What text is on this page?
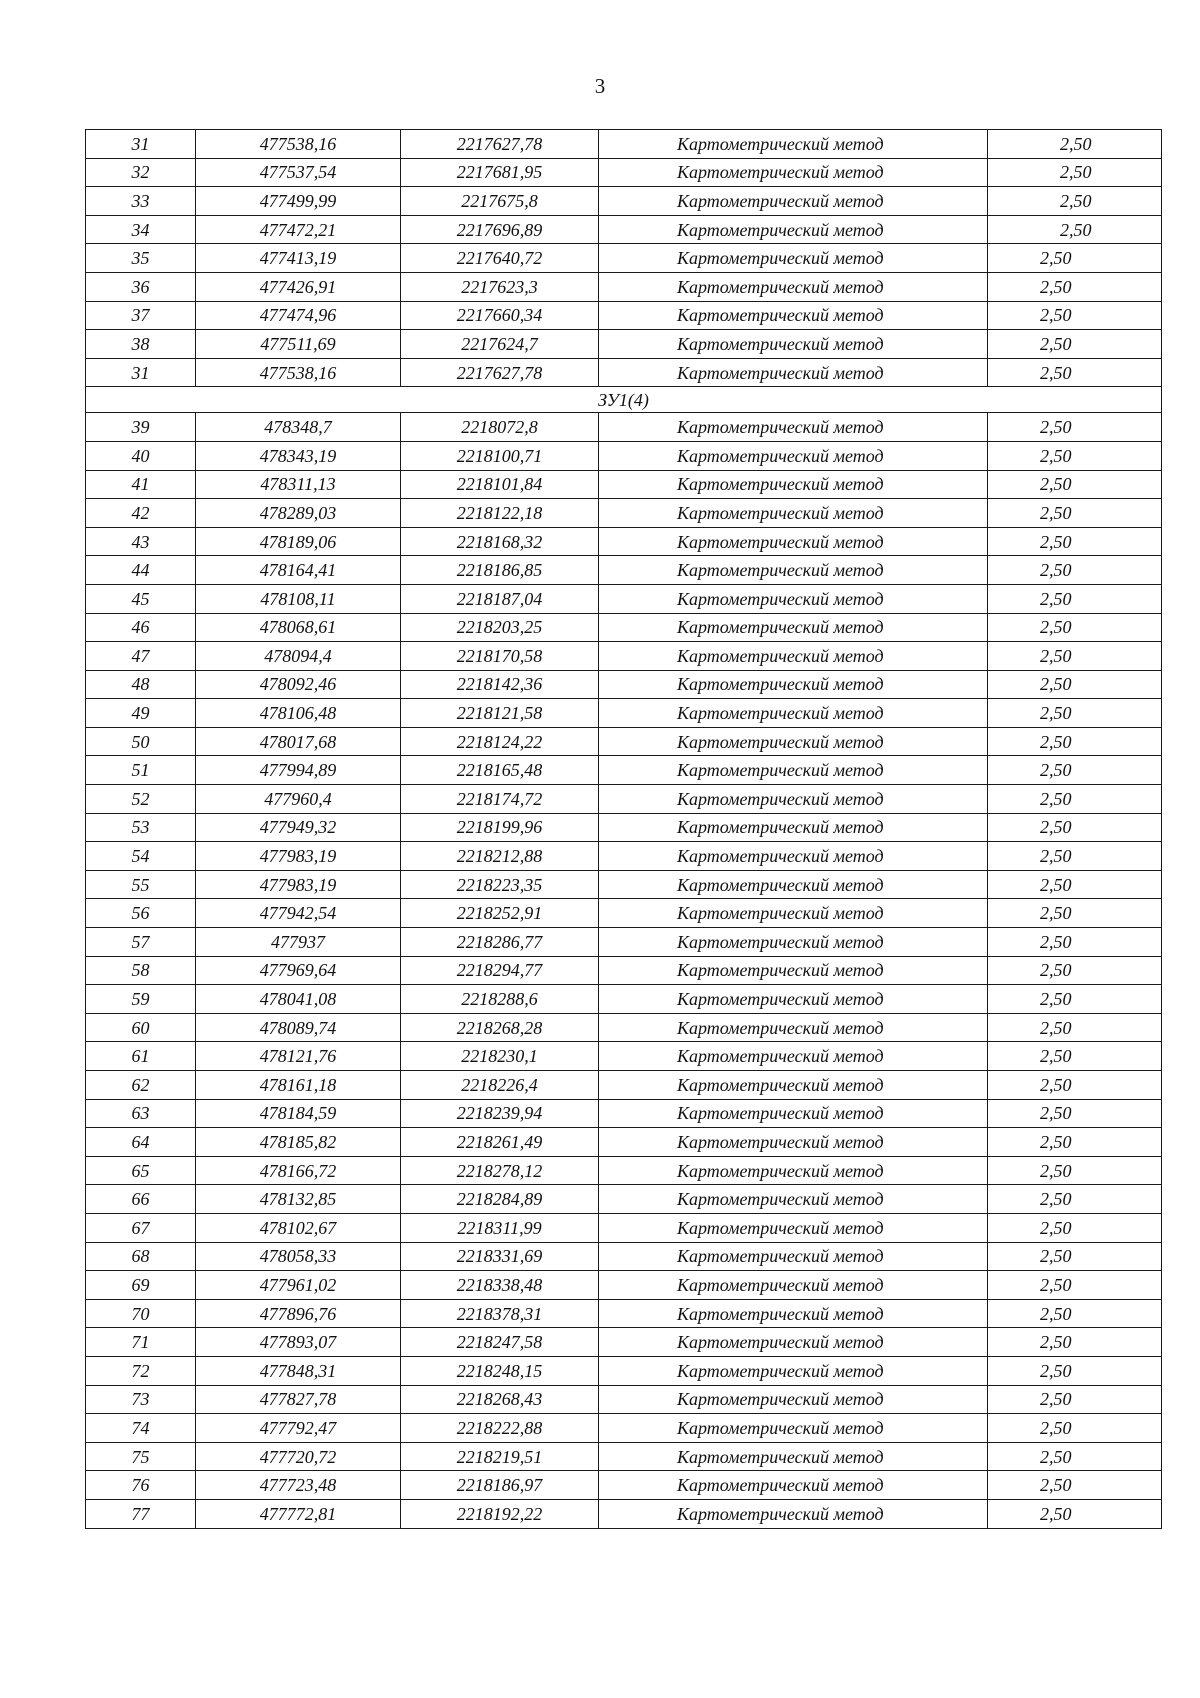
3
31	477538,16	2217627,78	Картометрический метод	2,50
32	477537,54	2217681,95	Картометрический метод	2,50
33	477499,99	2217675,8	Картометрический метод	2,50
34	477472,21	2217696,89	Картометрический метод	2,50
35	477413,19	2217640,72	Картометрический метод	2,50
36	477426,91	2217623,3	Картометрический метод	2,50
37	477474,96	2217660,34	Картометрический метод	2,50
38	477511,69	2217624,7	Картометрический метод	2,50
31	477538,16	2217627,78	Картометрический метод	2,50
ЗУ1(4)				
39	478348,7	2218072,8	Картометрический метод	2,50
40	478343,19	2218100,71	Картометрический метод	2,50
41	478311,13	2218101,84	Картометрический метод	2,50
42	478289,03	2218122,18	Картометрический метод	2,50
43	478189,06	2218168,32	Картометрический метод	2,50
44	478164,41	2218186,85	Картометрический метод	2,50
45	478108,11	2218187,04	Картометрический метод	2,50
46	478068,61	2218203,25	Картометрический метод	2,50
47	478094,4	2218170,58	Картометрический метод	2,50
48	478092,46	2218142,36	Картометрический метод	2,50
49	478106,48	2218121,58	Картометрический метод	2,50
50	478017,68	2218124,22	Картометрический метод	2,50
51	477994,89	2218165,48	Картометрический метод	2,50
52	477960,4	2218174,72	Картометрический метод	2,50
53	477949,32	2218199,96	Картометрический метод	2,50
54	477983,19	2218212,88	Картометрический метод	2,50
55	477983,19	2218223,35	Картометрический метод	2,50
56	477942,54	2218252,91	Картометрический метод	2,50
57	477937	2218286,77	Картометрический метод	2,50
58	477969,64	2218294,77	Картометрический метод	2,50
59	478041,08	2218288,6	Картометрический метод	2,50
60	478089,74	2218268,28	Картометрический метод	2,50
61	478121,76	2218230,1	Картометрический метод	2,50
62	478161,18	2218226,4	Картометрический метод	2,50
63	478184,59	2218239,94	Картометрический метод	2,50
64	478185,82	2218261,49	Картометрический метод	2,50
65	478166,72	2218278,12	Картометрический метод	2,50
66	478132,85	2218284,89	Картометрический метод	2,50
67	478102,67	2218311,99	Картометрический метод	2,50
68	478058,33	2218331,69	Картометрический метод	2,50
69	477961,02	2218338,48	Картометрический метод	2,50
70	477896,76	2218378,31	Картометрический метод	2,50
71	477893,07	2218247,58	Картометрический метод	2,50
72	477848,31	2218248,15	Картометрический метод	2,50
73	477827,78	2218268,43	Картометрический метод	2,50
74	477792,47	2218222,88	Картометрический метод	2,50
75	477720,72	2218219,51	Картометрический метод	2,50
76	477723,48	2218186,97	Картометрический метод	2,50
77	477772,81	2218192,22	Картометрический метод	2,50
